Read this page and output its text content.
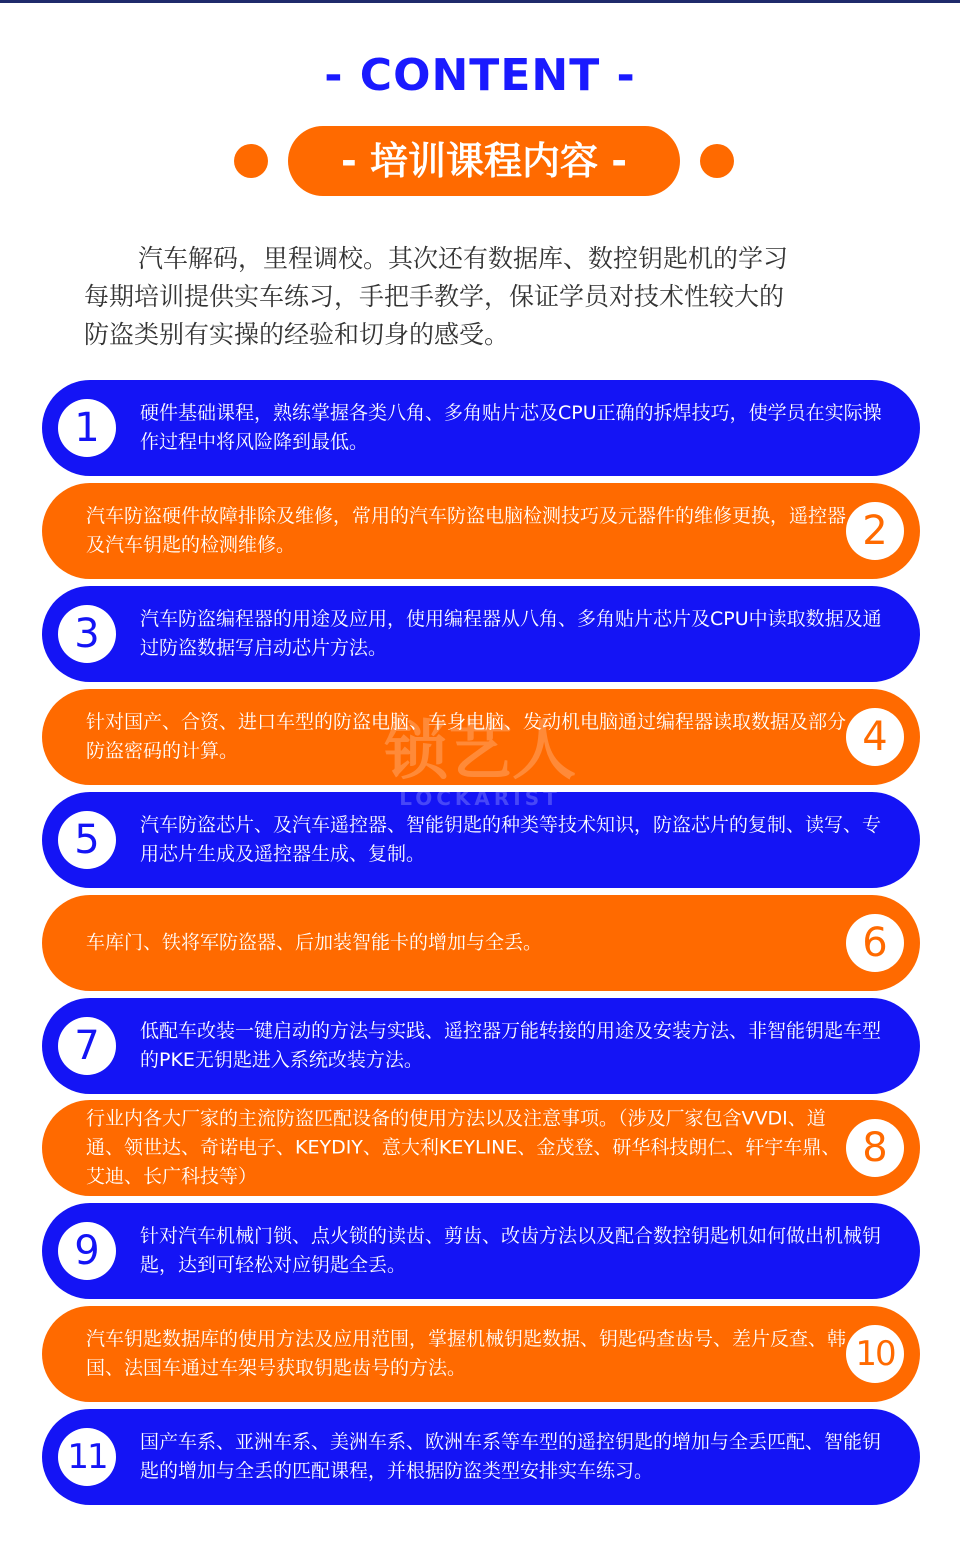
- CONTENT -
- 培训课程内容 -
汽车解码，里程调校。其次还有数据库、数控钥匙机的学习
每期培训提供实车练习，手把手教学，保证学员对技术性较大的
防盗类别有实操的经验和切身的感受。
1	硬件基础课程，熟练掌握各类八角、多角贴片芯及CPU正确的拆焊技巧，使学员在实际操作过程中将风险降到最低。
2
汽车防盗硬件故障排除及维修，常用的汽车防盗电脑检测技巧及元器件的维修更换，遥控器及汽车钥匙的检测维修。
3	汽车防盗编程器的用途及应用，使用编程器从八角、多角贴片芯片及CPU中读取数据及通过防盗数据写启动芯片方法。
4
针对国产、合资、进口车型的防盗电脑、车身电脑、发动机电脑通过编程器读取数据及部分防盗密码的计算。
5	汽车防盗芯片、及汽车遥控器、智能钥匙的种类等技术知识，防盗芯片的复制、读写、专用芯片生成及遥控器生成、复制。
6
车库门、铁将军防盗器、后加装智能卡的增加与全丢。
7	低配车改装一键启动的方法与实践、遥控器万能转接的用途及安装方法、非智能钥匙车型的PKE无钥匙进入系统改装方法。
8
行业内各大厂家的主流防盗匹配设备的使用方法以及注意事项。（涉及厂家包含VVDI、道通、领世达、奇诺电子、KEYDIY、意大利KEYLINE、金茂登、研华科技朗仁、轩宇车鼎、艾迪、长广科技等）
9	针对汽车机械门锁、点火锁的读齿、剪齿、改齿方法以及配合数控钥匙机如何做出机械钥匙，达到可轻松对应钥匙全丢。
10
汽车钥匙数据库的使用方法及应用范围，掌握机械钥匙数据、钥匙码查齿号、差片反查、韩国、法国车通过车架号获取钥匙齿号的方法。
11	国产车系、亚洲车系、美洲车系、欧洲车系等车型的遥控钥匙的增加与全丢匹配、智能钥匙的增加与全丢的匹配课程，并根据防盗类型安排实车练习。
锁艺人
LOCKARIST
